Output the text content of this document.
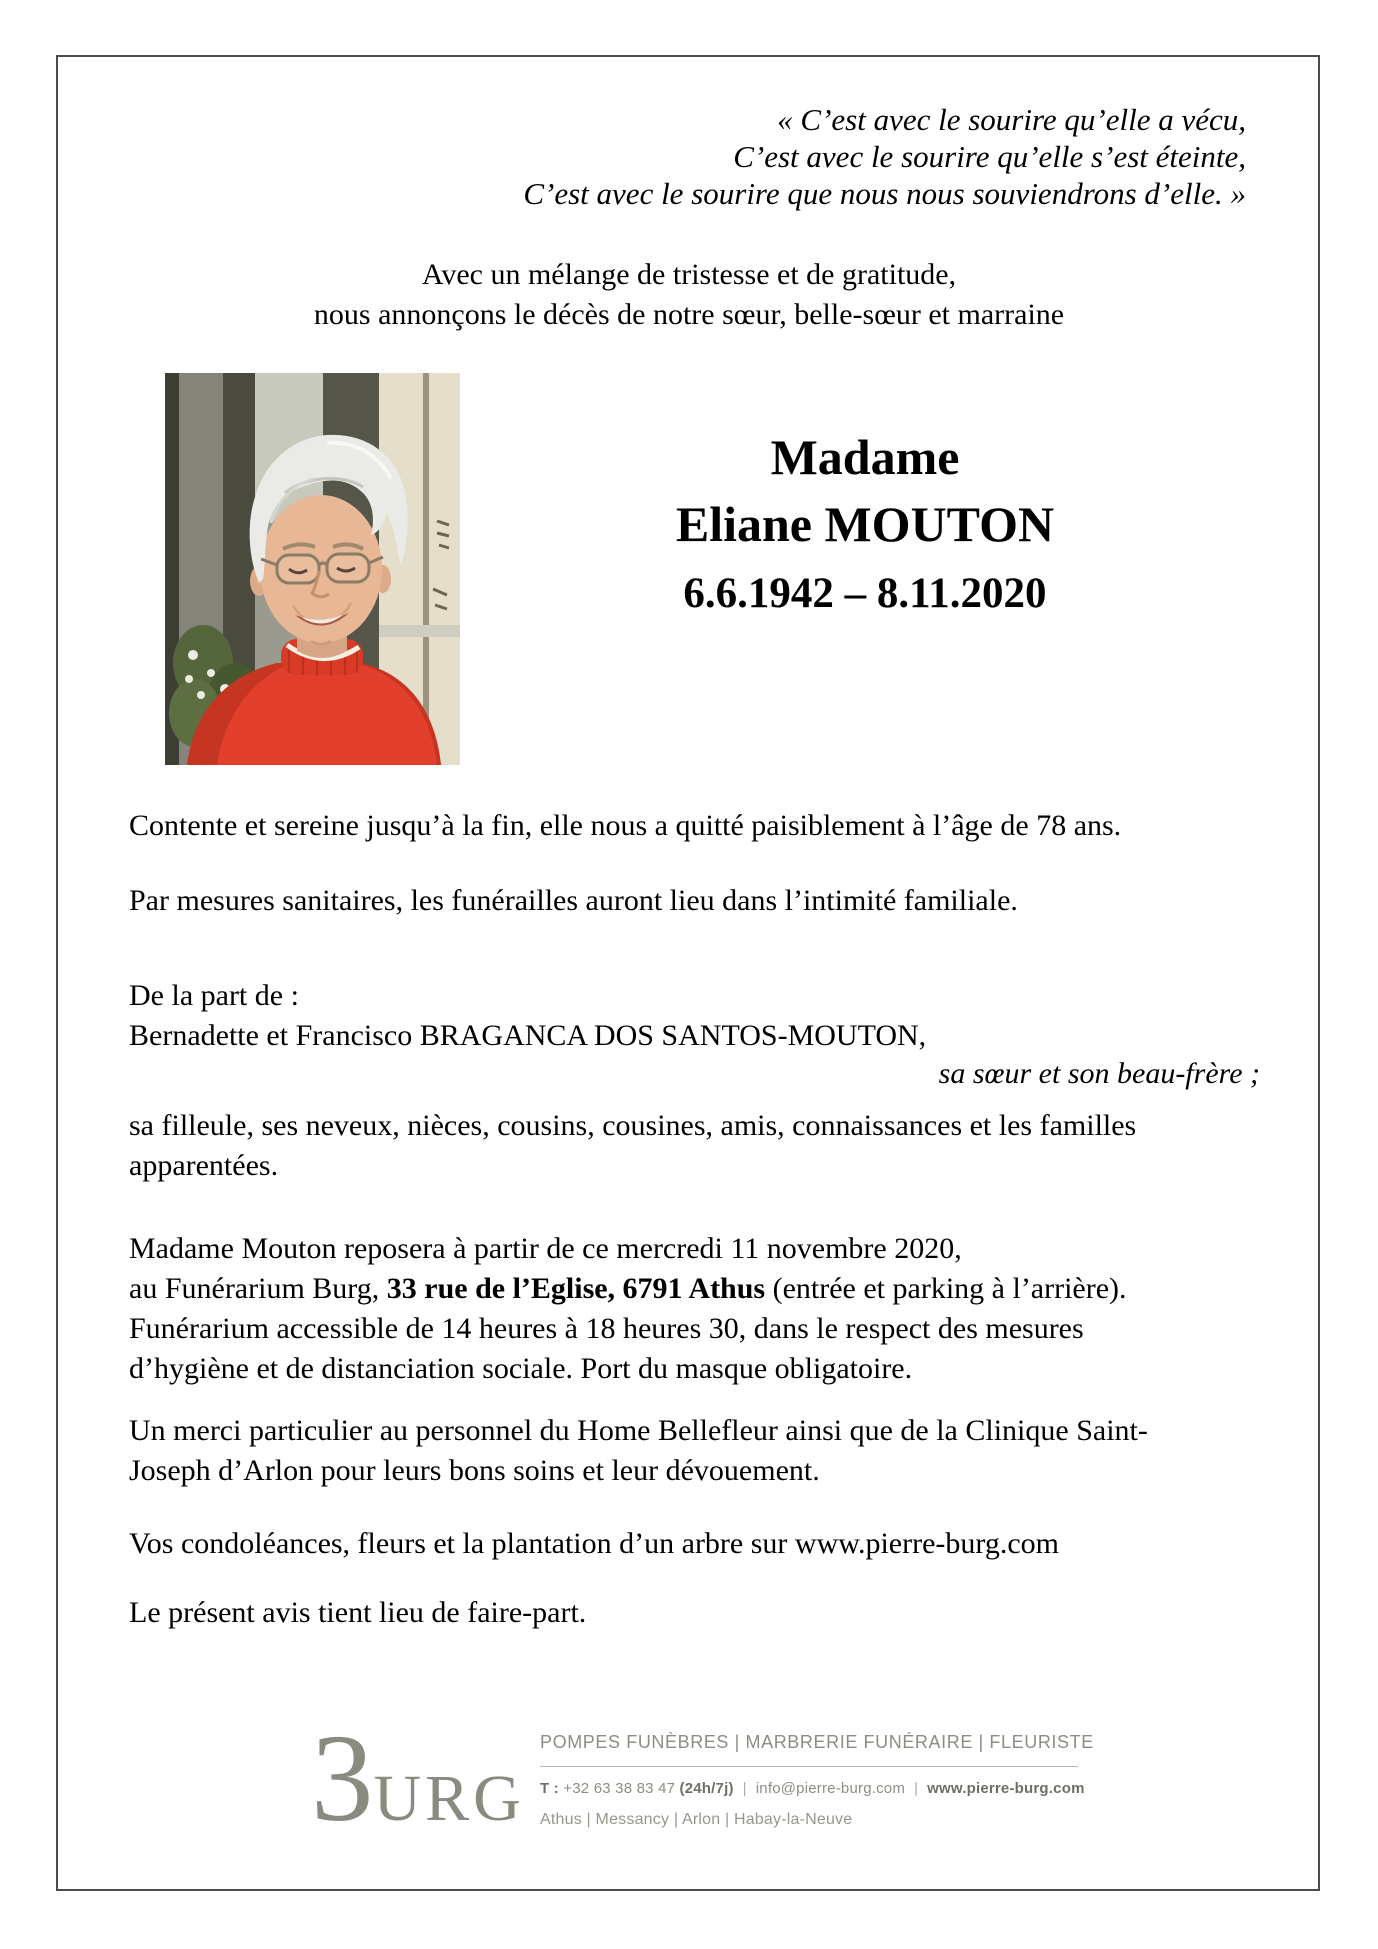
« C’est avec le sourire qu’elle a vécu,
C’est avec le sourire qu’elle s’est éteinte,
C’est avec le sourire que nous nous souviendrons d’elle. »
Avec un mélange de tristesse et de gratitude,
nous annonçons le décès de notre sœur, belle-sœur et marraine
Madame
Eliane MOUTON
6.6.1942 – 8.11.2020
Contente et sereine jusqu’à la fin, elle nous a quitté paisiblement à l’âge de 78 ans.
Par mesures sanitaires, les funérailles auront lieu dans l’intimité familiale.
De la part de :
Bernadette et Francisco BRAGANCA DOS SANTOS-MOUTON,
sa sœur et son beau-frère ;
sa filleule, ses neveux, nièces, cousins, cousines, amis, connaissances et les familles
apparentées.
Madame Mouton reposera à partir de ce mercredi 11 novembre 2020,
au Funérarium Burg, 33 rue de l’Eglise, 6791 Athus (entrée et parking à l’arrière).
Funérarium accessible de 14 heures à 18 heures 30, dans le respect des mesures
d’hygiène et de distanciation sociale. Port du masque obligatoire.
Un merci particulier au personnel du Home Bellefleur ainsi que de la Clinique Saint-
Joseph d’Arlon pour leurs bons soins et leur dévouement.
Vos condoléances, fleurs et la plantation d’un arbre sur www.pierre-burg.com
Le présent avis tient lieu de faire-part.
3 URG
POMPES FUNÈBRES | MARBRERIE FUNÉRAIRE | FLEURISTE
T : +32 63 38 83 47 (24h/7j) | info@pierre-burg.com | www.pierre-burg.com
Athus | Messancy | Arlon | Habay-la-Neuve
